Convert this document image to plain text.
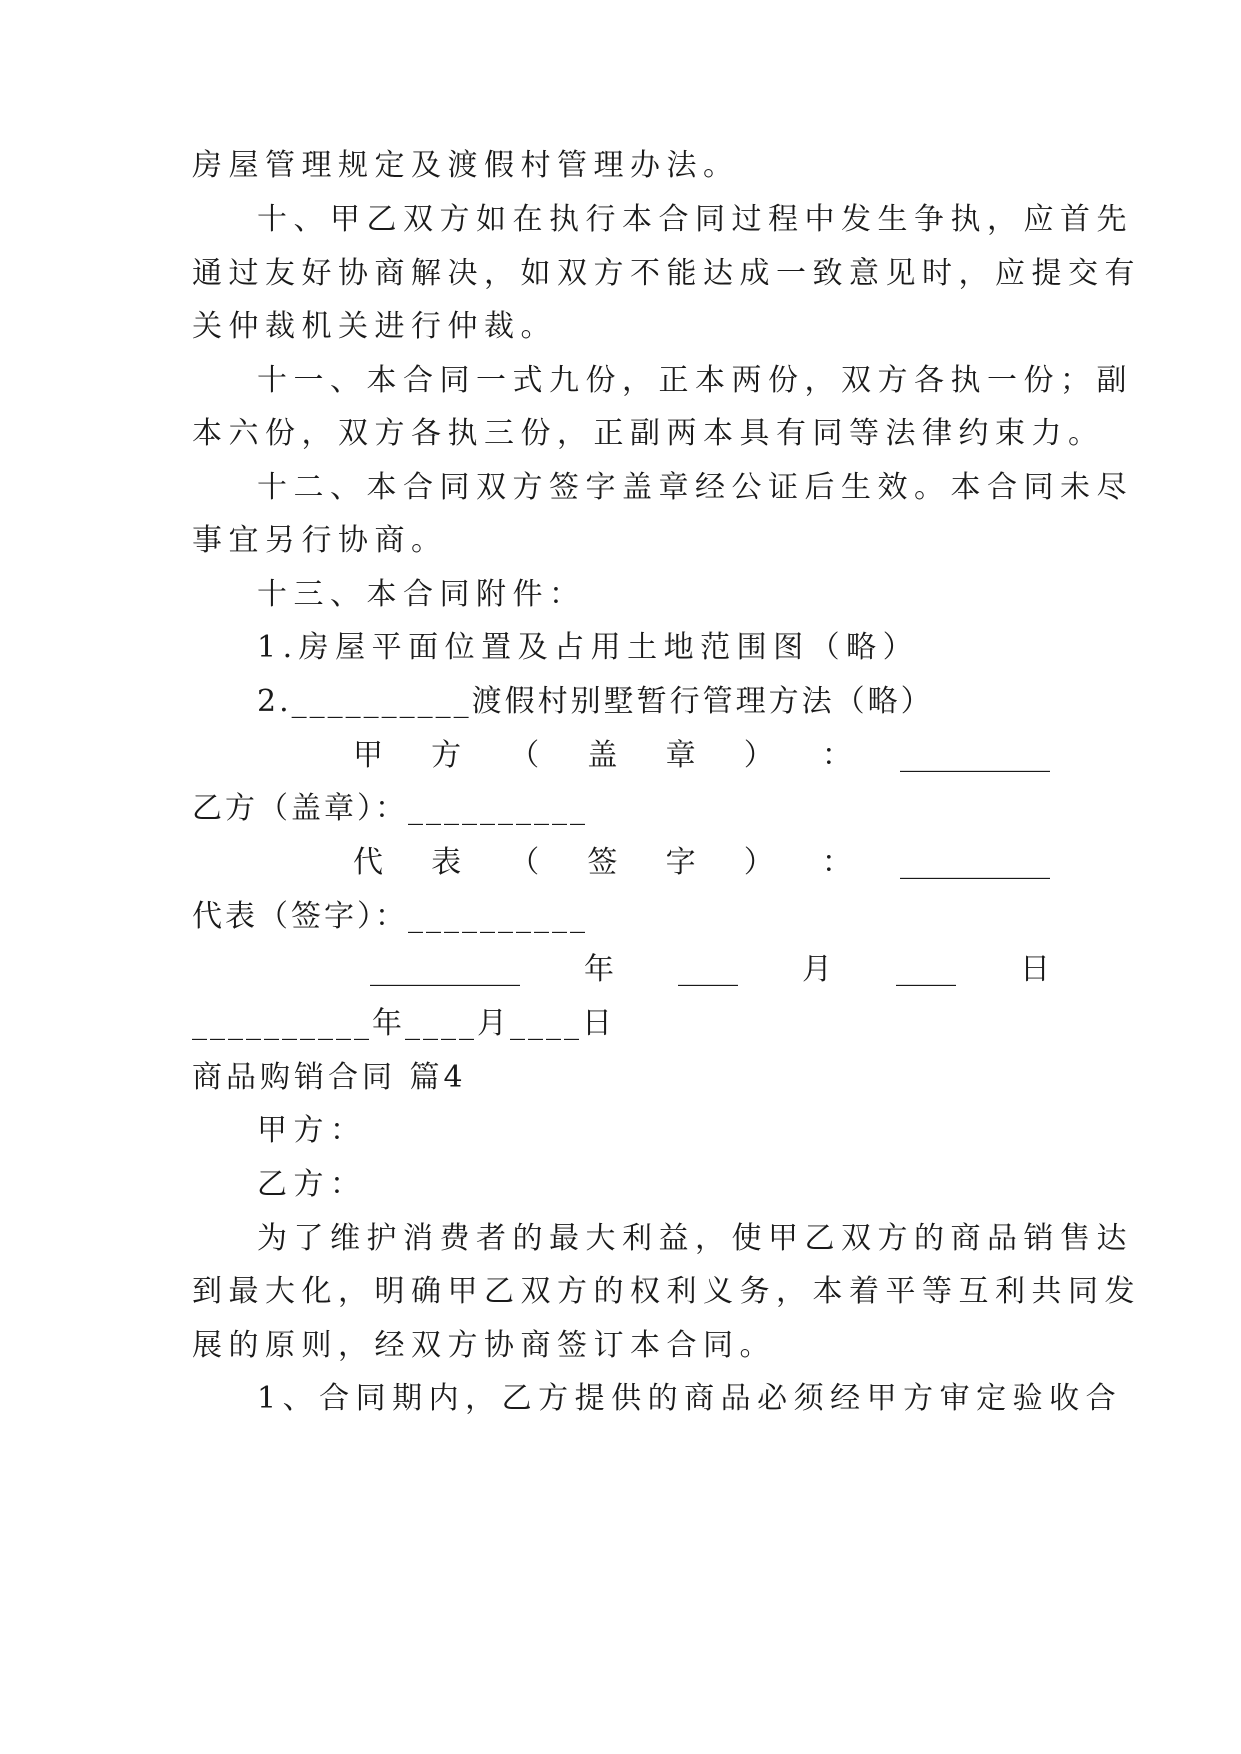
房屋管理规定及渡假村管理办法。
十、甲乙双方如在执行本合同过程中发生争执，应首先
通过友好协商解决，如双方不能达成一致意见时，应提交有
关仲裁机关进行仲裁。
十一、本合同一式九份，正本两份，双方各执一份；副
本六份，双方各执三份，正副两本具有同等法律约束力。
十二、本合同双方签字盖章经公证后生效。本合同未尽
事宜另行协商。
十三、本合同附件：
1.房屋平面位置及占用土地范围图（略）
2.__________渡假村别墅暂行管理方法（略）
甲 方 （ 盖 章 ） ： __________
乙方（盖章）：__________
代 表 （ 签 字 ） ： __________
代表（签字）：__________
__________ 年 ____ 月 ____ 日
__________年____月____日
商品购销合同 篇4
甲方：
乙方：
为了维护消费者的最大利益，使甲乙双方的商品销售达
到最大化，明确甲乙双方的权利义务，本着平等互利共同发
展的原则，经双方协商签订本合同。
1、合同期内，乙方提供的商品必须经甲方审定验收合
